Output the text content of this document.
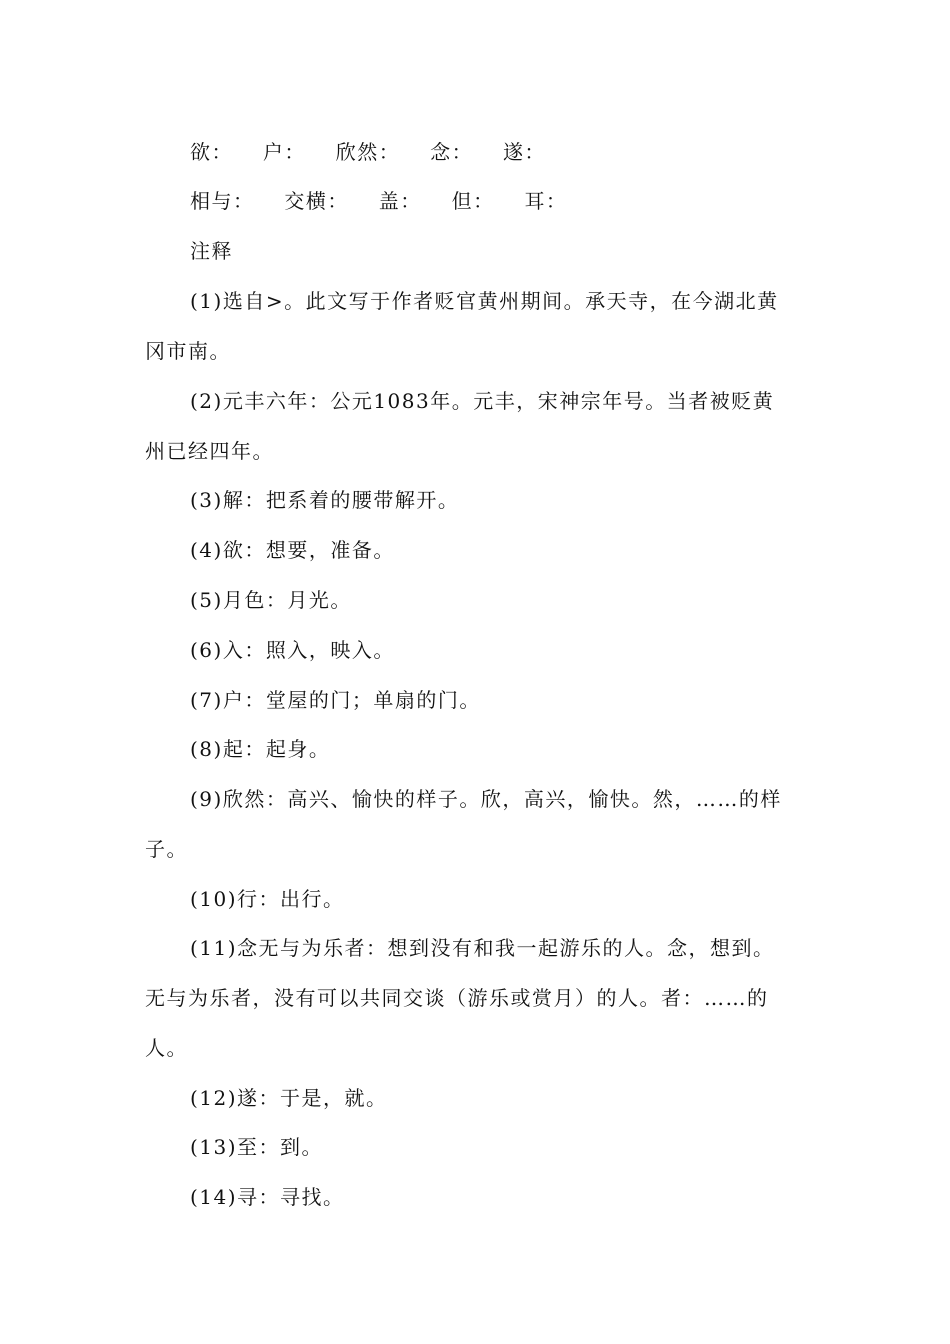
欲： 户： 欣然： 念： 遂：
相与： 交横： 盖： 但： 耳：
注释
(1)选自>。此文写于作者贬官黄州期间。承天寺，在今湖北黄
冈市南。
(2)元丰六年：公元1083年。元丰，宋神宗年号。当者被贬黄
州已经四年。
(3)解：把系着的腰带解开。
(4)欲：想要，准备。
(5)月色：月光。
(6)入：照入，映入。
(7)户：堂屋的门；单扇的门。
(8)起：起身。
(9)欣然：高兴、愉快的样子。欣，高兴，愉快。然，……的样
子。
(10)行：出行。
(11)念无与为乐者：想到没有和我一起游乐的人。念，想到。
无与为乐者，没有可以共同交谈（游乐或赏月）的人。者：……的
人。
(12)遂：于是，就。
(13)至：到。
(14)寻：寻找。
